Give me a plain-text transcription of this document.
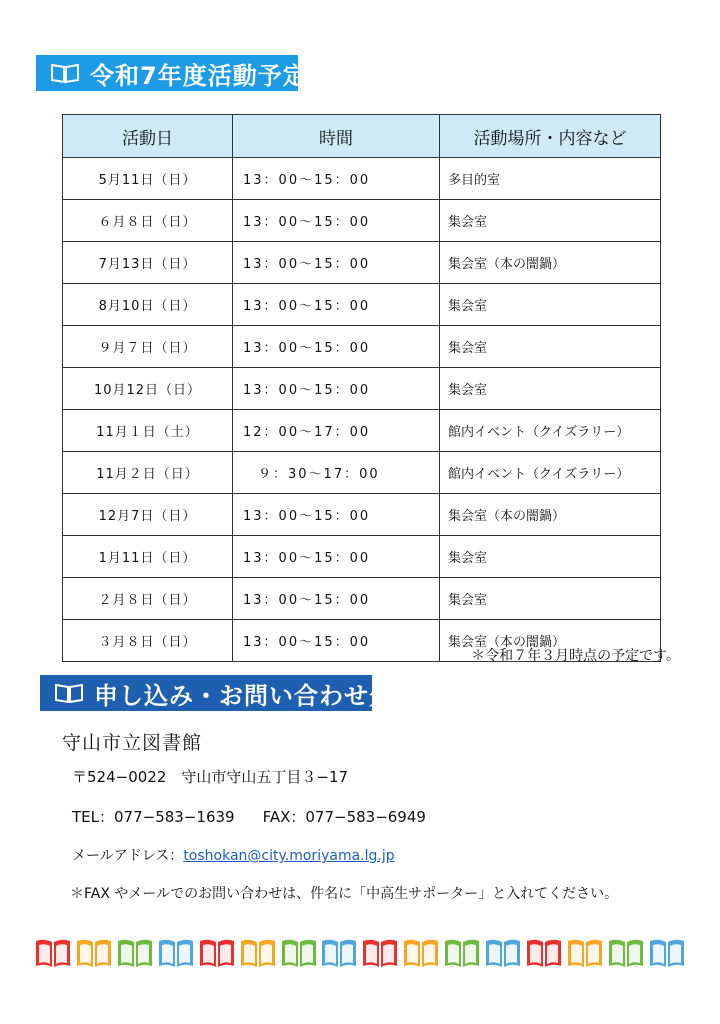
令和7年度活動予定
活動日	時間	活動場所・内容など
5月11日（日）	13：00～15：00	多目的室
６月８日（日）	13：00～15：00	集会室
7月13日（日）	13：00～15：00	集会室（本の闇鍋）
8月10日（日）	13：00～15：00	集会室
９月７日（日）	13：00～15：00	集会室
10月12日（日）	13：00～15：00	集会室
11月１日（土）	12：00～17：00	館内イベント（クイズラリー）
11月２日（日）	　９：30～17：00	館内イベント（クイズラリー）
12月7日（日）	13：00～15：00	集会室（本の闇鍋）
1月11日（日）	13：00～15：00	集会室
２月８日（日）	13：00～15：00	集会室
３月８日（日）	13：00～15：00	集会室（本の闇鍋）
＊令和７年３月時点の予定です。
申し込み・お問い合わせ先
守山市立図書館
〒524−0022　守山市守山五丁目３−17
TEL：077−583−1639 FAX：077−583−6949
メールアドレス：toshokan@city.moriyama.lg.jp
＊FAX やメールでのお問い合わせは、件名に「中高生サポーター」と入れてください。
